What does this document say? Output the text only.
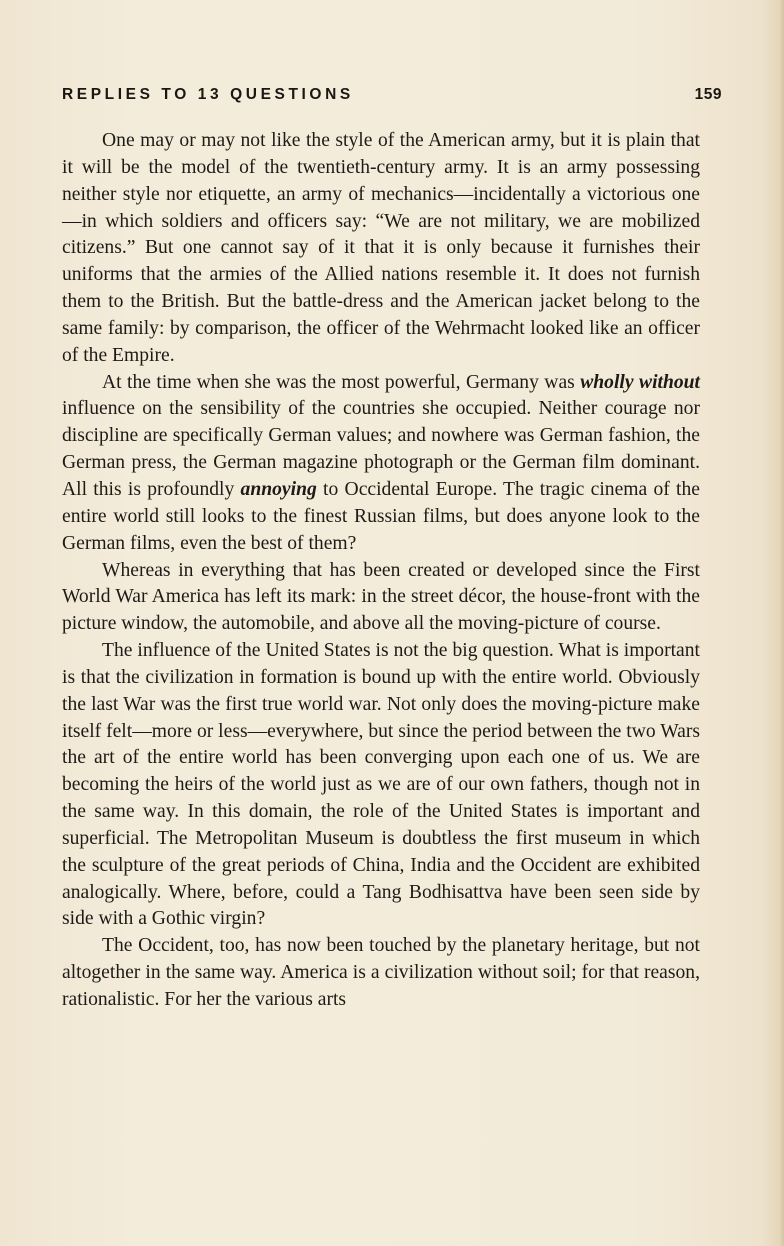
REPLIES TO 13 QUESTIONS	159

One may or may not like the style of the American army, but it is plain that it will be the model of the twentieth-century army. It is an army possessing neither style nor etiquette, an army of mechanics—incidentally a victorious one—in which soldiers and officers say: “We are not military, we are mobilized citizens.” But one cannot say of it that it is only because it furnishes their uniforms that the armies of the Allied nations resemble it. It does not furnish them to the British. But the battle-dress and the American jacket belong to the same family: by comparison, the officer of the Wehrmacht looked like an officer of the Empire.

At the time when she was the most powerful, Germany was wholly without influence on the sensibility of the countries she occupied. Neither courage nor discipline are specifically German values; and nowhere was German fashion, the German press, the German magazine photograph or the German film dominant. All this is profoundly annoying to Occidental Europe. The tragic cinema of the entire world still looks to the finest Russian films, but does anyone look to the German films, even the best of them?

Whereas in everything that has been created or developed since the First World War America has left its mark: in the street décor, the house-front with the picture window, the automobile, and above all the moving-picture of course.

The influence of the United States is not the big question. What is important is that the civilization in formation is bound up with the entire world. Obviously the last War was the first true world war. Not only does the moving-picture make itself felt—more or less—everywhere, but since the period between the two Wars the art of the entire world has been converging upon each one of us. We are becoming the heirs of the world just as we are of our own fathers, though not in the same way. In this domain, the role of the United States is important and superficial. The Metropolitan Museum is doubtless the first museum in which the sculpture of the great periods of China, India and the Occident are exhibited analogically. Where, before, could a Tang Bodhisattva have been seen side by side with a Gothic virgin?

The Occident, too, has now been touched by the planetary heritage, but not altogether in the same way. America is a civilization without soil; for that reason, rationalistic. For her the various arts
